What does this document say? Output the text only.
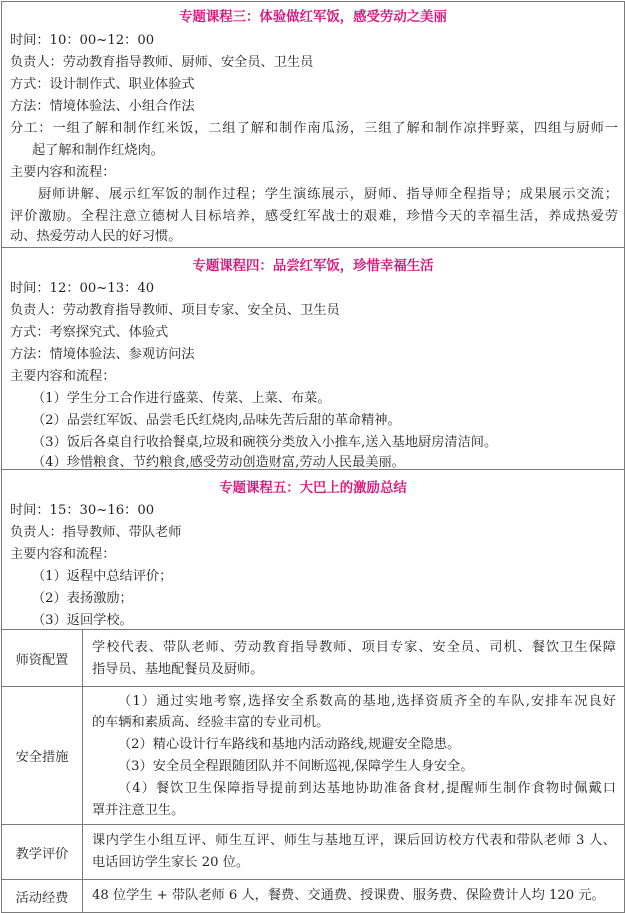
专题课程三：体验做红军饭，感受劳动之美丽
时间：10：00~12：00
负责人：劳动教育指导教师、厨师、安全员、卫生员
方式：设计制作式、职业体验式
方法：情境体验法、小组合作法
分工：一组了解和制作红米饭，二组了解和制作南瓜汤，三组了解和制作凉拌野菜，四组与厨师一
起了解和制作红烧肉。
主要内容和流程：
厨师讲解、展示红军饭的制作过程；学生演练展示，厨师、指导师全程指导；成果展示交流；
评价激励。全程注意立德树人目标培养，感受红军战士的艰难，珍惜今天的幸福生活，养成热爱劳
动、热爱劳动人民的好习惯。
专题课程四：品尝红军饭，珍惜幸福生活
时间：12：00~13：40
负责人：劳动教育指导教师、项目专家、安全员、卫生员
方式：考察探究式、体验式
方法：情境体验法、参观访问法
主要内容和流程：
（1）学生分工合作进行盛菜、传菜、上菜、布菜。
（2）品尝红军饭、品尝毛氏红烧肉,品味先苦后甜的革命精神。
（3）饭后各桌自行收拾餐桌,垃圾和碗筷分类放入小推车,送入基地厨房清洁间。
（4）珍惜粮食、节约粮食,感受劳动创造财富,劳动人民最美丽。
专题课程五：大巴上的激励总结
时间：15：30~16：00
负责人：指导教师、带队老师
主要内容和流程：
（1）返程中总结评价；
（2）表扬激励；
（3）返回学校。
师资配置
学校代表、带队老师、劳动教育指导教师、项目专家、安全员、司机、餐饮卫生保障
指导员、基地配餐员及厨师。
安全措施
（1）通过实地考察,选择安全系数高的基地,选择资质齐全的车队,安排车况良好
的车辆和素质高、经验丰富的专业司机。
（2）精心设计行车路线和基地内活动路线,规避安全隐患。
（3）安全员全程跟随团队并不间断巡视,保障学生人身安全。
（4）餐饮卫生保障指导提前到达基地协助准备食材,提醒师生制作食物时佩戴口
罩并注意卫生。
教学评价
课内学生小组互评、师生互评、师生与基地互评，课后回访校方代表和带队老师 3 人、
电话回访学生家长 20 位。
活动经费	48 位学生 + 带队老师 6 人，餐费、交通费、授课费、服务费、保险费计人均 120 元。
